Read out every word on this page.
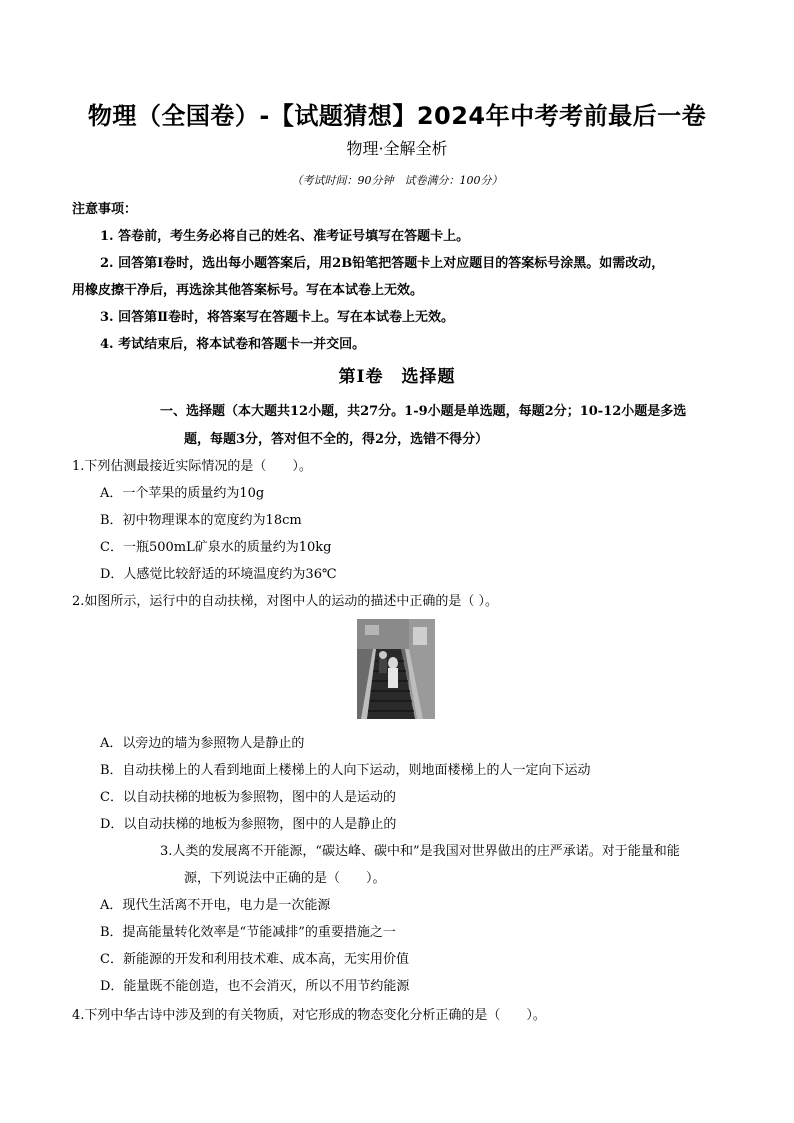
物理（全国卷）-【试题猜想】2024年中考考前最后一卷
物理·全解全析
（考试时间：90分钟　试卷满分：100分）
注意事项：
1. 答卷前，考生务必将自己的姓名、准考证号填写在答题卡上。
2. 回答第Ⅰ卷时，选出每小题答案后，用2B铅笔把答题卡上对应题目的答案标号涂黑。如需改动，
用橡皮擦干净后，再选涂其他答案标号。写在本试卷上无效。
3. 回答第Ⅱ卷时，将答案写在答题卡上。写在本试卷上无效。
4. 考试结束后，将本试卷和答题卡一并交回。
第Ⅰ卷　选择题
一、选择题（本大题共12小题，共27分。1-9小题是单选题，每题2分；10-12小题是多选
题，每题3分，答对但不全的，得2分，选错不得分）
1.下列估测最接近实际情况的是（　　）。
A．一个苹果的质量约为10g
B．初中物理课本的宽度约为18cm
C．一瓶500mL矿泉水的质量约为10kg
D．人感觉比较舒适的环境温度约为36℃
2.如图所示，运行中的自动扶梯，对图中人的运动的描述中正确的是（ ）。
A．以旁边的墙为参照物人是静止的
B．自动扶梯上的人看到地面上楼梯上的人向下运动，则地面楼梯上的人一定向下运动
C．以自动扶梯的地板为参照物，图中的人是运动的
D．以自动扶梯的地板为参照物，图中的人是静止的
3.人类的发展离不开能源，“碳达峰、碳中和”是我国对世界做出的庄严承诺。对于能量和能
源，下列说法中正确的是（　　）。
A．现代生活离不开电，电力是一次能源
B．提高能量转化效率是“节能减排”的重要措施之一
C．新能源的开发和利用技术难、成本高，无实用价值
D．能量既不能创造，也不会消灭，所以不用节约能源
4.下列中华古诗中涉及到的有关物质，对它形成的物态变化分析正确的是（　　）。
